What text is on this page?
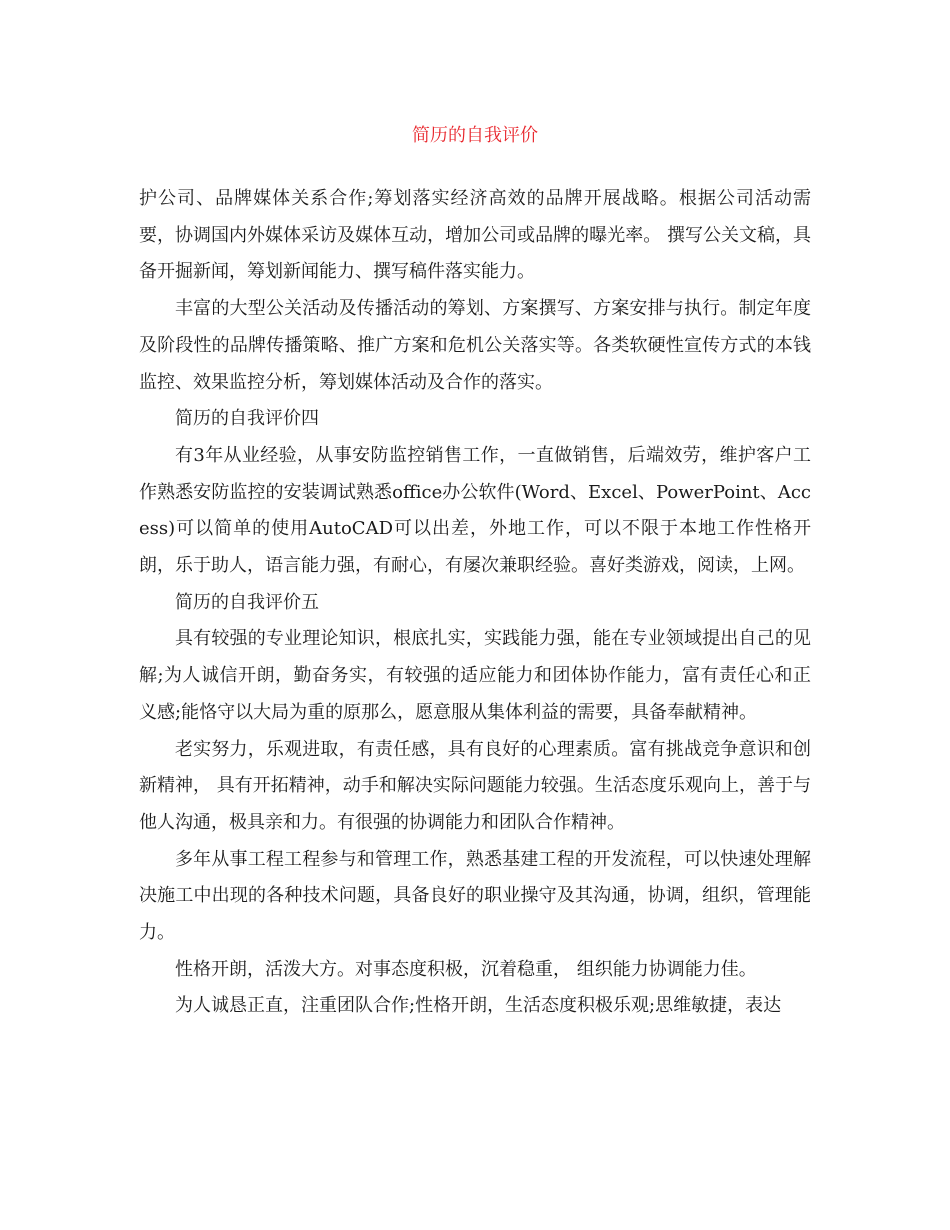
简历的自我评价

护公司、品牌媒体关系合作;筹划落实经济高效的品牌开展战略。根据公司活动需要，协调国内外媒体采访及媒体互动，增加公司或品牌的曝光率。 撰写公关文稿，具备开掘新闻，筹划新闻能力、撰写稿件落实能力。

丰富的大型公关活动及传播活动的筹划、方案撰写、方案安排与执行。制定年度及阶段性的品牌传播策略、推广方案和危机公关落实等。各类软硬性宣传方式的本钱监控、效果监控分析，筹划媒体活动及合作的落实。

简历的自我评价四

有3年从业经验，从事安防监控销售工作，一直做销售，后端效劳，维护客户工作熟悉安防监控的安装调试熟悉office办公软件(Word、Excel、PowerPoint、Access)可以简单的使用AutoCAD可以出差，外地工作，可以不限于本地工作性格开朗，乐于助人，语言能力强，有耐心，有屡次兼职经验。喜好类游戏，阅读，上网。

简历的自我评价五

具有较强的专业理论知识，根底扎实，实践能力强，能在专业领域提出自己的见解;为人诚信开朗，勤奋务实，有较强的适应能力和团体协作能力，富有责任心和正义感;能恪守以大局为重的原那么，愿意服从集体利益的需要，具备奉献精神。

老实努力，乐观进取，有责任感，具有良好的心理素质。富有挑战竞争意识和创新精神， 具有开拓精神，动手和解决实际问题能力较强。生活态度乐观向上，善于与他人沟通，极具亲和力。有很强的协调能力和团队合作精神。

多年从事工程工程参与和管理工作，熟悉基建工程的开发流程，可以快速处理解决施工中出现的各种技术问题，具备良好的职业操守及其沟通，协调，组织，管理能力。

性格开朗，活泼大方。对事态度积极，沉着稳重， 组织能力协调能力佳。

为人诚恳正直，注重团队合作;性格开朗，生活态度积极乐观;思维敏捷，表达
